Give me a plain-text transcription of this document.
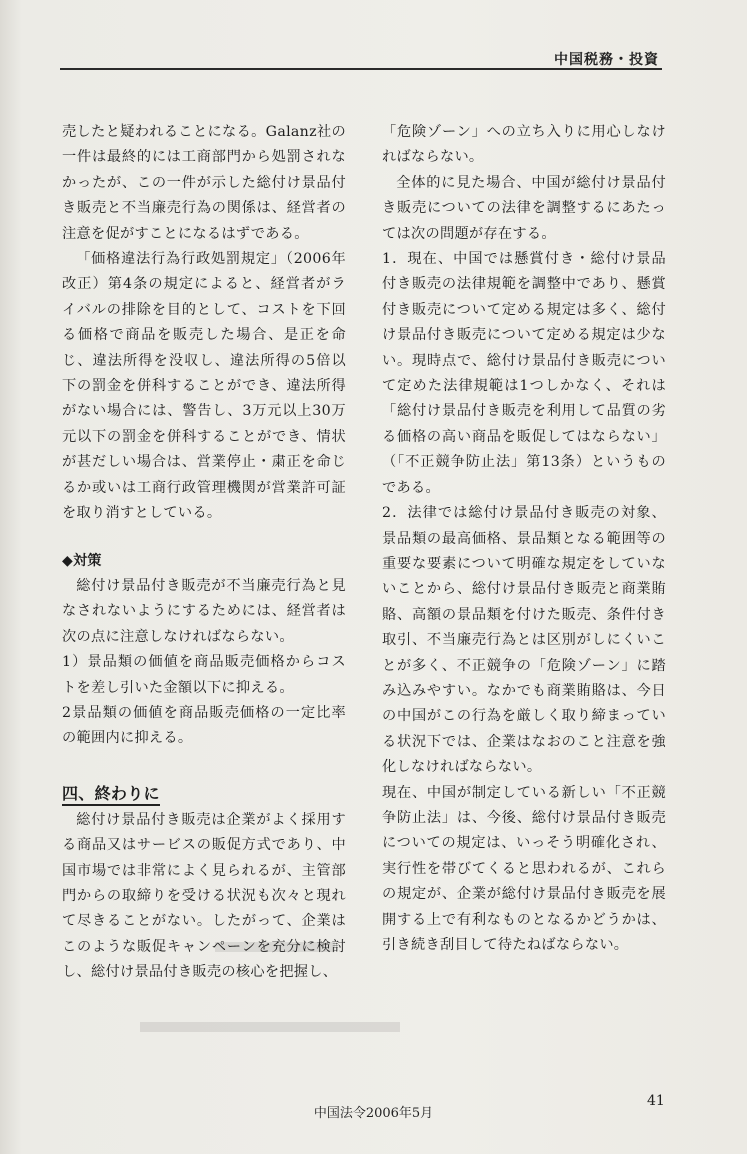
中国税務・投資

売したと疑われることになる。Galanz社の一件は最終的には工商部門から処罰されなかったが、この一件が示した総付け景品付き販売と不当廉売行為の関係は、経営者の注意を促がすことになるはずである。

「価格違法行為行政処罰規定」（2006年改正）第4条の規定によると、経営者がライバルの排除を目的として、コストを下回る価格で商品を販売した場合、是正を命じ、違法所得を没収し、違法所得の5倍以下の罰金を併科することができ、違法所得がない場合には、警告し、3万元以上30万元以下の罰金を併科することができ、情状が甚だしい場合は、営業停止・粛正を命じるか或いは工商行政管理機関が営業許可証を取り消すとしている。

◆対策

総付け景品付き販売が不当廉売行為と見なされないようにするためには、経営者は次の点に注意しなければならない。

1）景品類の価値を商品販売価格からコストを差し引いた金額以下に抑える。

2景品類の価値を商品販売価格の一定比率の範囲内に抑える。

四、終わりに

総付け景品付き販売は企業がよく採用する商品又はサービスの販促方式であり、中国市場では非常によく見られるが、主管部門からの取締りを受ける状況も次々と現れて尽きることがない。したがって、企業はこのような販促キャンペーンを充分に検討し、総付け景品付き販売の核心を把握し、

「危険ゾーン」への立ち入りに用心しなければならない。

全体的に見た場合、中国が総付け景品付き販売についての法律を調整するにあたっては次の問題が存在する。

1．現在、中国では懸賞付き・総付け景品付き販売の法律規範を調整中であり、懸賞付き販売について定める規定は多く、総付け景品付き販売について定める規定は少ない。現時点で、総付け景品付き販売について定めた法律規範は1つしかなく、それは「総付け景品付き販売を利用して品質の劣る価格の高い商品を販促してはならない」（「不正競争防止法」第13条）というものである。

2．法律では総付け景品付き販売の対象、景品類の最高価格、景品類となる範囲等の重要な要素について明確な規定をしていないことから、総付け景品付き販売と商業賄賂、高額の景品類を付けた販売、条件付き取引、不当廉売行為とは区別がしにくいことが多く、不正競争の「危険ゾーン」に踏み込みやすい。なかでも商業賄賂は、今日の中国がこの行為を厳しく取り締まっている状況下では、企業はなおのこと注意を強化しなければならない。

現在、中国が制定している新しい「不正競争防止法」は、今後、総付け景品付き販売についての規定は、いっそう明確化され、実行性を帯びてくると思われるが、これらの規定が、企業が総付け景品付き販売を展開する上で有利なものとなるかどうかは、引き続き刮目して待たねばならない。

中国法令2006年5月
41
